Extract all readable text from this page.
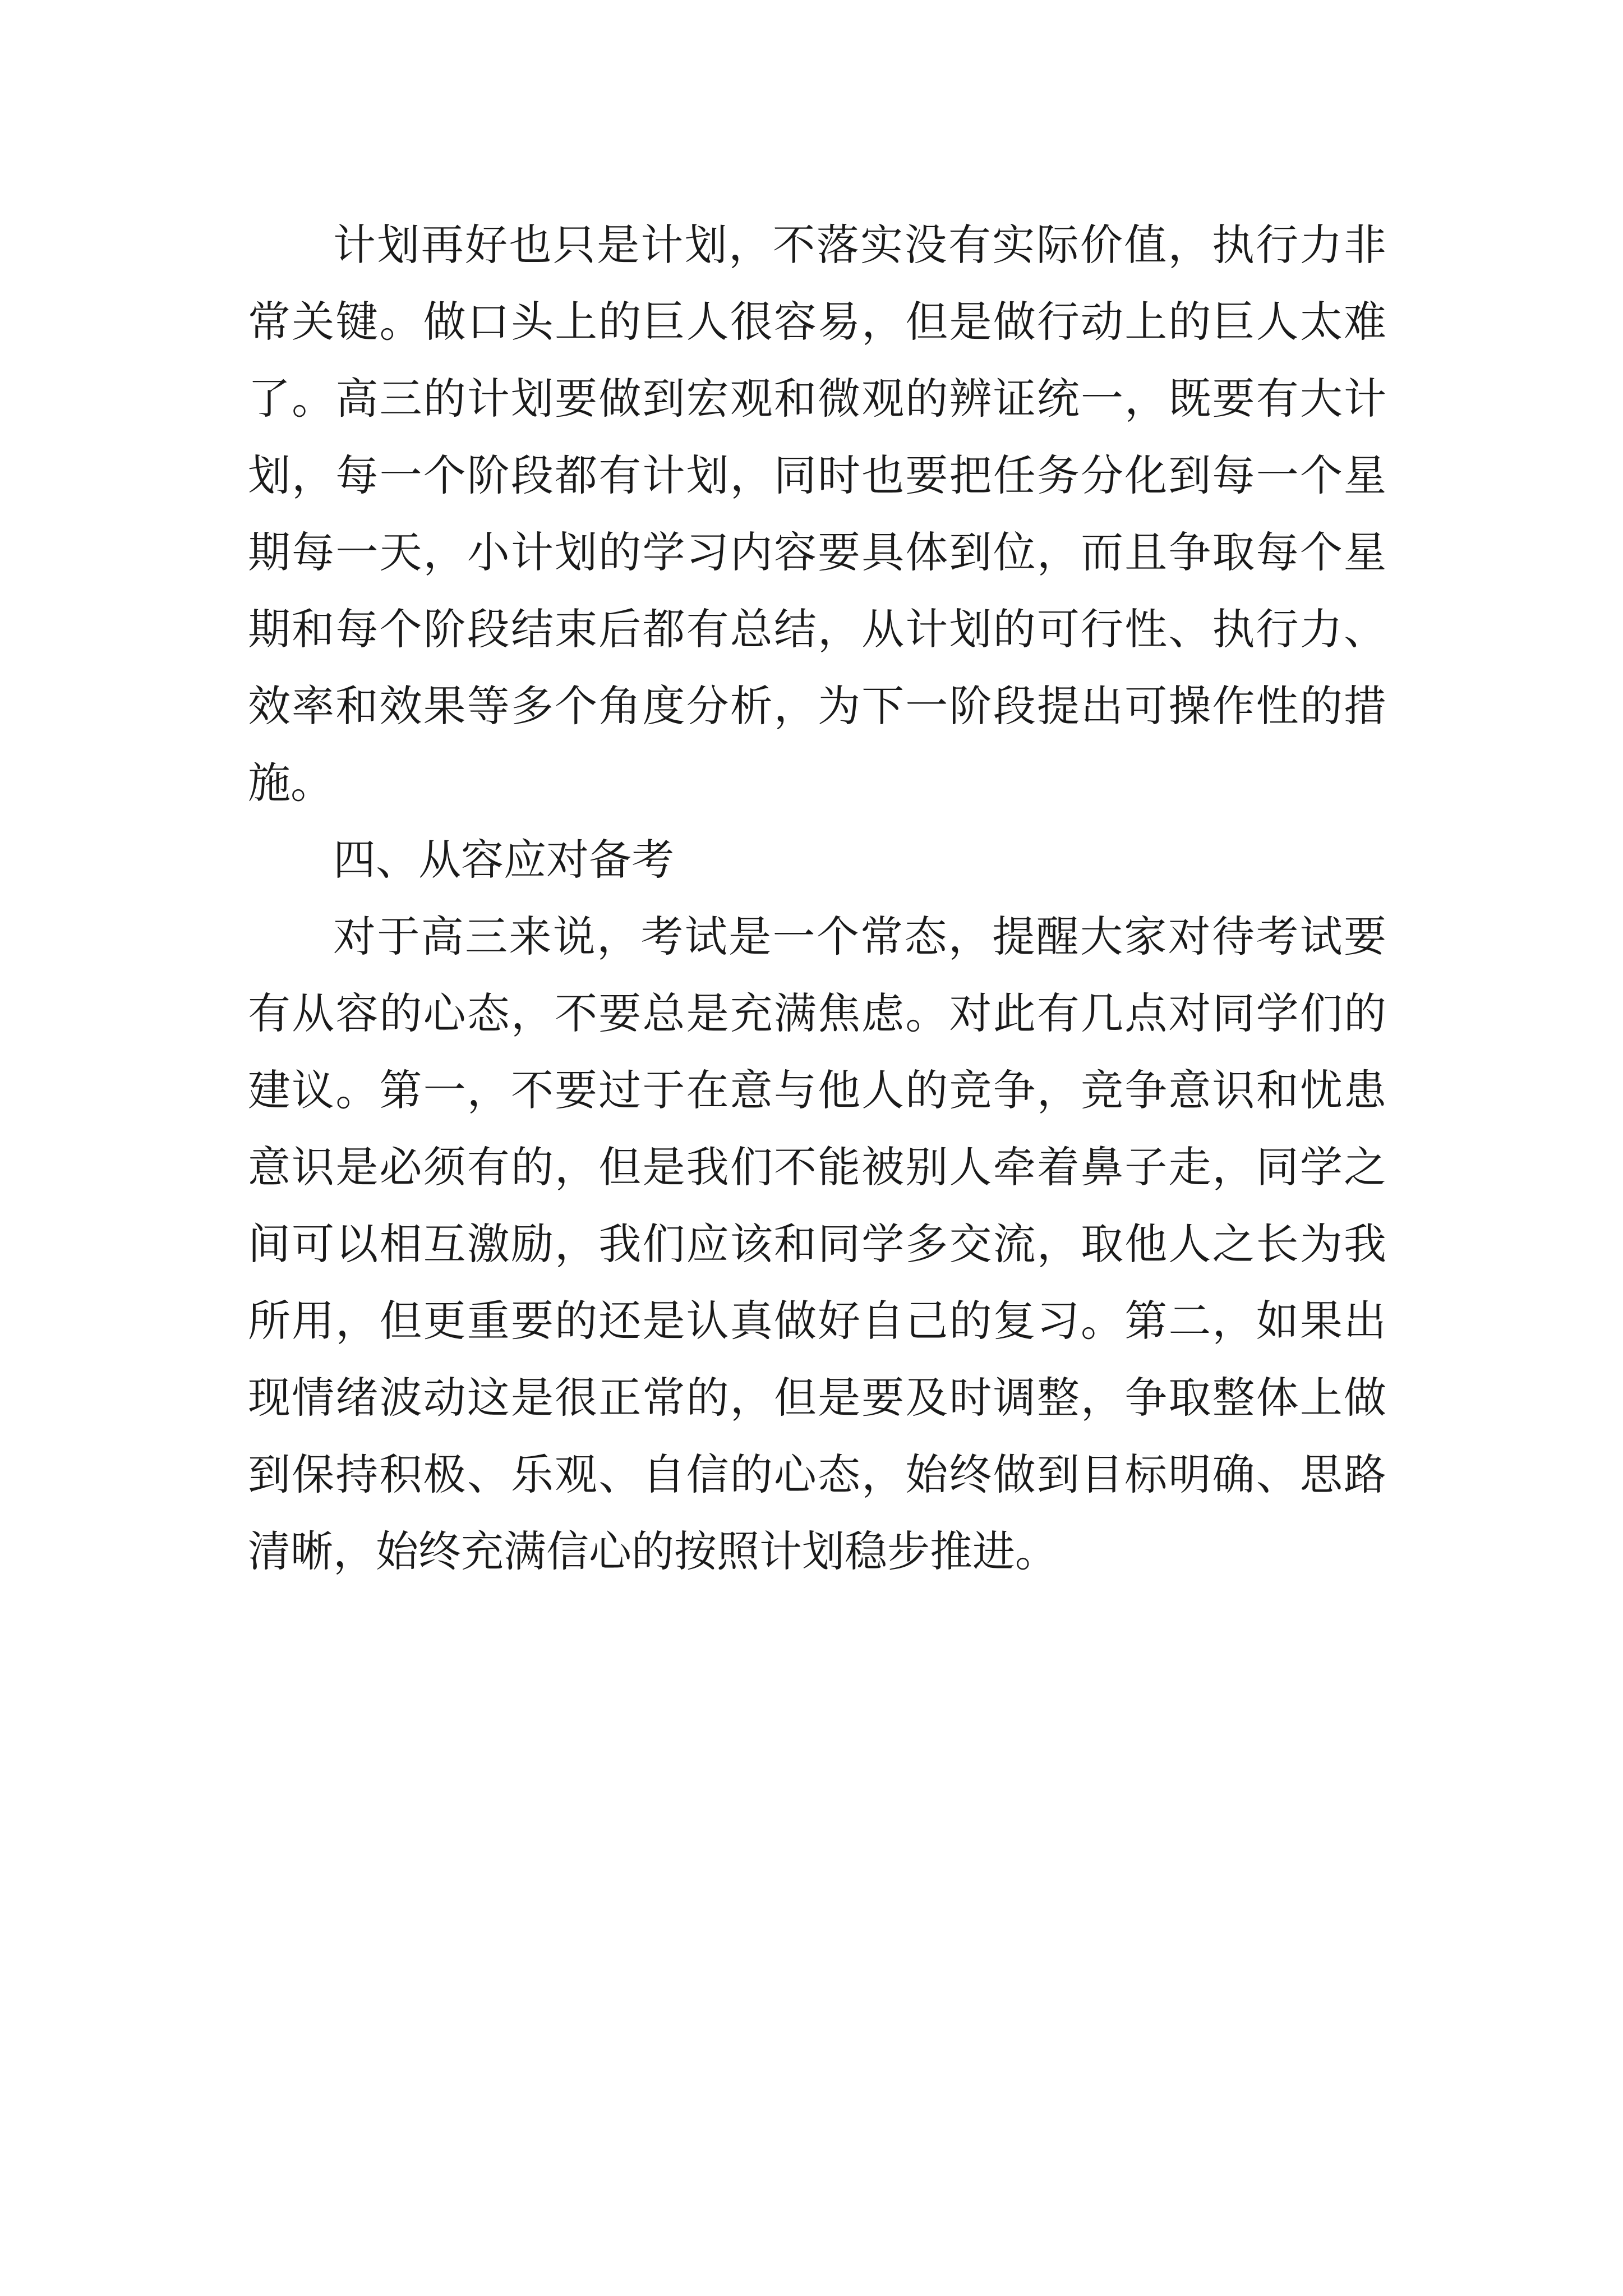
计划再好也只是计划，不落实没有实际价值，执行力非常关键。做口头上的巨人很容易，但是做行动上的巨人太难了。高三的计划要做到宏观和微观的辨证统一，既要有大计划，每一个阶段都有计划，同时也要把任务分化到每一个星期每一天，小计划的学习内容要具体到位，而且争取每个星期和每个阶段结束后都有总结，从计划的可行性、执行力、效率和效果等多个角度分析，为下一阶段提出可操作性的措施。

四、从容应对备考

对于高三来说，考试是一个常态，提醒大家对待考试要有从容的心态，不要总是充满焦虑。对此有几点对同学们的建议。第一，不要过于在意与他人的竞争，竞争意识和忧患意识是必须有的，但是我们不能被别人牵着鼻子走，同学之间可以相互激励，我们应该和同学多交流，取他人之长为我所用，但更重要的还是认真做好自己的复习。第二，如果出现情绪波动这是很正常的，但是要及时调整，争取整体上做到保持积极、乐观、自信的心态，始终做到目标明确、思路清晰，始终充满信心的按照计划稳步推进。
